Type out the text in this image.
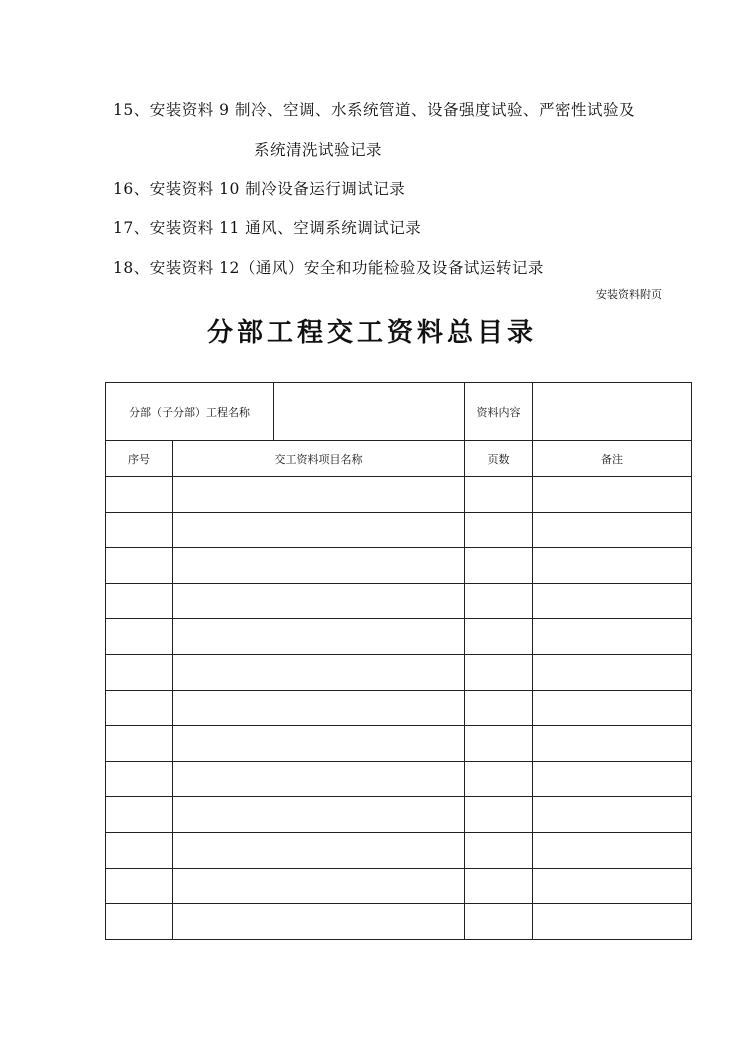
15、安装资料 9 制冷、空调、水系统管道、设备强度试验、严密性试验及
系统清洗试验记录
16、安装资料 10 制冷设备运行调试记录
17、安装资料 11 通风、空调系统调试记录
18、安装资料 12（通风）安全和功能检验及设备试运转记录
安装资料附页
分部工程交工资料总目录
分部（子分部）工程名称			资料内容	
序号	交工资料项目名称		页数	备注
